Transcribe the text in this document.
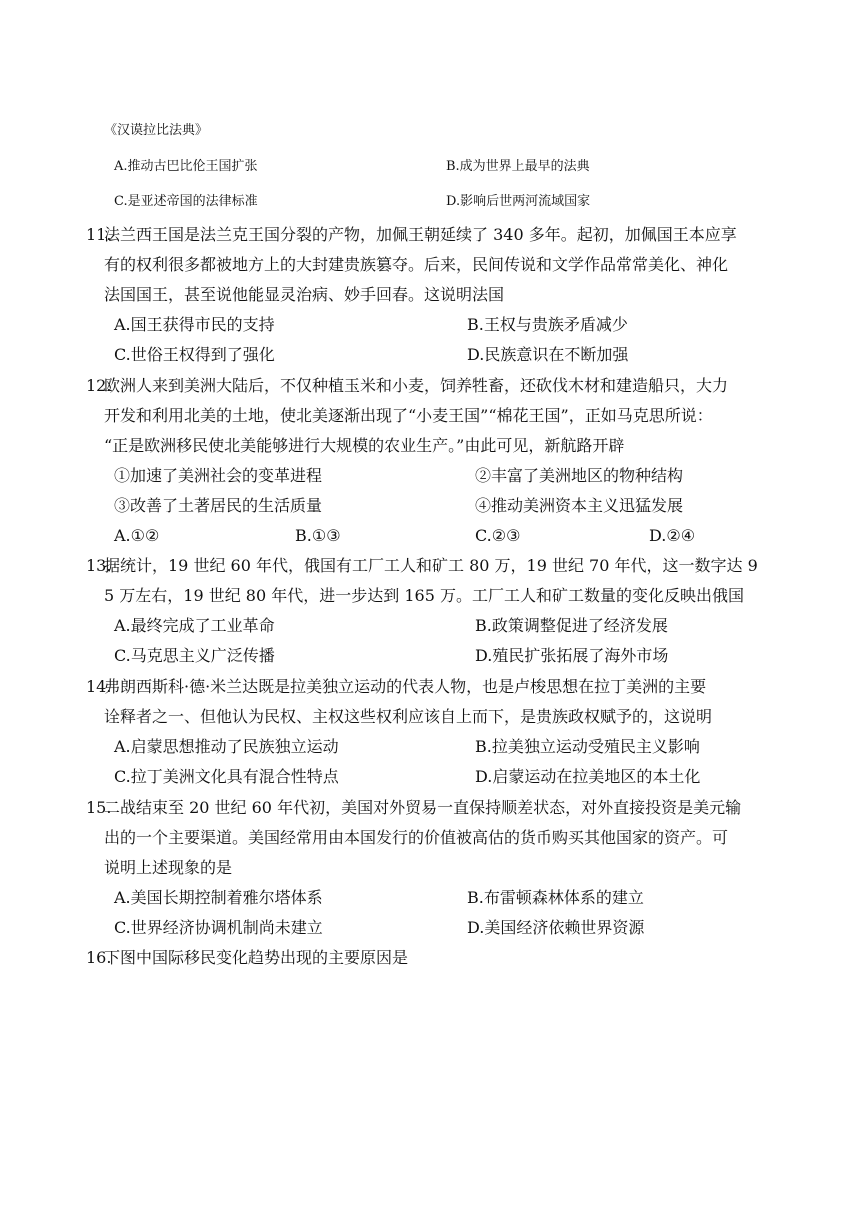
《汉谟拉比法典》
A.推动古巴比伦王国扩张	B.成为世界上最早的法典
C.是亚述帝国的法律标准	D.影响后世两河流域国家
11.
法兰西王国是法兰克王国分裂的产物，加佩王朝延续了 340 多年。起初，加佩国王本应享
有的权利很多都被地方上的大封建贵族篡夺。后来，民间传说和文学作品常常美化、神化
法国国王，甚至说他能显灵治病、妙手回春。这说明法国
A.国王获得市民的支持	B.王权与贵族矛盾减少
C.世俗王权得到了强化	D.民族意识在不断加强
12.
欧洲人来到美洲大陆后，不仅种植玉米和小麦，饲养牲畜，还砍伐木材和建造船只，大力
开发和利用北美的土地，使北美逐渐出现了“小麦王国”“棉花王国”，正如马克思所说：
“正是欧洲移民使北美能够进行大规模的农业生产。”由此可见，新航路开辟
①加速了美洲社会的变革进程	②丰富了美洲地区的物种结构
③改善了土著居民的生活质量	④推动美洲资本主义迅猛发展
A.①②	B.①③	C.②③	D.②④
13.
据统计，19 世纪 60 年代，俄国有工厂工人和矿工 80 万，19 世纪 70 年代，这一数字达 9
5 万左右，19 世纪 80 年代，进一步达到 165 万。工厂工人和矿工数量的变化反映出俄国
A.最终完成了工业革命	B.政策调整促进了经济发展
C.马克思主义广泛传播	D.殖民扩张拓展了海外市场
14.
弗朗西斯科·德·米兰达既是拉美独立运动的代表人物，也是卢梭思想在拉丁美洲的主要
诠释者之一、但他认为民权、主权这些权利应该自上而下，是贵族政权赋予的，这说明
A.启蒙思想推动了民族独立运动	B.拉美独立运动受殖民主义影响
C.拉丁美洲文化具有混合性特点	D.启蒙运动在拉美地区的本土化
15.
二战结束至 20 世纪 60 年代初，美国对外贸易一直保持顺差状态，对外直接投资是美元输
出的一个主要渠道。美国经常用由本国发行的价值被高估的货币购买其他国家的资产。可
说明上述现象的是
A.美国长期控制着雅尔塔体系	B.布雷顿森林体系的建立
C.世界经济协调机制尚未建立	D.美国经济依赖世界资源
16.
下图中国际移民变化趋势出现的主要原因是
